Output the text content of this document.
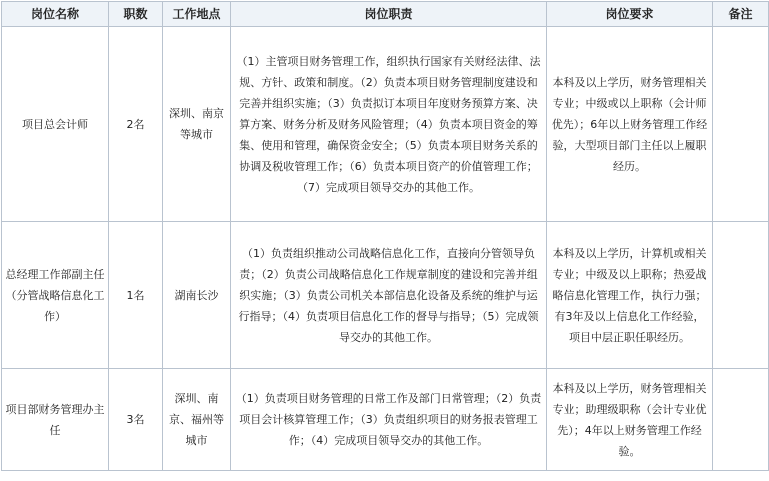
岗位名称	职数	工作地点	岗位职责	岗位要求	备注
项目总会计师	2名	深圳、南京等城市	（1）主管项目财务管理工作，组织执行国家有关财经法律、法规、方针、政策和制度。（2）负责本项目财务管理制度建设和完善并组织实施；（3）负责拟订本项目年度财务预算方案、决算方案、财务分析及财务风险管理；（4）负责本项目资金的筹集、使用和管理，确保资金安全；（5）负责本项目财务关系的协调及税收管理工作；（6）负责本项目资产的价值管理工作；（7）完成项目领导交办的其他工作。	本科及以上学历，财务管理相关专业；中级或以上职称（会计师优先）；6年以上财务管理工作经验，大型项目部门主任以上履职经历。	
总经理工作部副主任（分管战略信息化工作）	1名	湖南长沙	（1）负责组织推动公司战略信息化工作，直接向分管领导负责；（2）负责公司战略信息化工作规章制度的建设和完善并组织实施；（3）负责公司机关本部信息化设备及系统的维护与运行指导；（4）负责项目信息化工作的督导与指导；（5）完成领导交办的其他工作。	本科及以上学历，计算机或相关专业；中级及以上职称；热爱战略信息化管理工作，执行力强；有3年及以上信息化工作经验，项目中层正职任职经历。	
项目部财务管理办主任	3名	深圳、南京、福州等城市	（1）负责项目财务管理的日常工作及部门日常管理；（2）负责项目会计核算管理工作；（3）负责组织项目的财务报表管理工作；（4）完成项目领导交办的其他工作。	本科及以上学历，财务管理相关专业；助理级职称（会计专业优先）；4年以上财务管理工作经验。	
